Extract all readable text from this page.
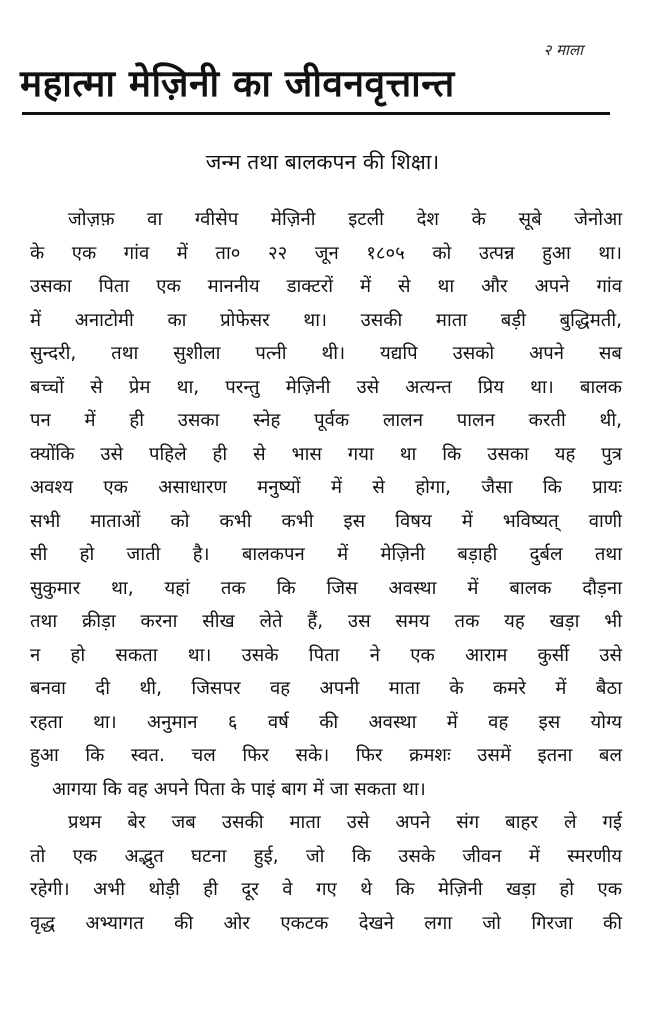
२ माला
महात्मा मेज़िनी का जीवनवृत्तान्त
जन्म तथा बालकपन की शिक्षा।
जोज़फ़ वा ग्वीसेप मेज़िनी इटली देश के सूबे जेनोआ
के एक गांव में ता० २२ जून १८०५ को उत्पन्न हुआ था।
उसका पिता एक माननीय डाक्टरों में से था और अपने गांव
में अनाटोमी का प्रोफेसर था। उसकी माता बड़ी बुद्धिमती,
सुन्दरी, तथा सुशीला पत्नी थी। यद्यपि उसको अपने सब
बच्चों से प्रेम था, परन्तु मेज़िनी उसे अत्यन्त प्रिय था। बालक
पन में ही उसका स्नेह पूर्वक लालन पालन करती थी,
क्योंकि उसे पहिले ही से भास गया था कि उसका यह पुत्र
अवश्य एक असाधारण मनुष्यों में से होगा, जैसा कि प्रायः
सभी माताओं को कभी कभी इस विषय में भविष्यत् वाणी
सी हो जाती है। बालकपन में मेज़िनी बड़ाही दुर्बल तथा
सुकुमार था, यहां तक कि जिस अवस्था में बालक दौड़ना
तथा क्रीड़ा करना सीख लेते हैं, उस समय तक यह खड़ा भी
न हो सकता था। उसके पिता ने एक आराम कुर्सी उसे
बनवा दी थी, जिसपर वह अपनी माता के कमरे में बैठा
रहता था। अनुमान ६ वर्ष की अवस्था में वह इस योग्य
हुआ कि स्वत. चल फिर सके। फिर क्रमशः उसमें इतना बल
आगया कि वह अपने पिता के पाइं बाग में जा सकता था।
प्रथम बेर जब उसकी माता उसे अपने संग बाहर ले गई
तो एक अद्भुत घटना हुई, जो कि उसके जीवन में स्मरणीय
रहेगी। अभी थोड़ी ही दूर वे गए थे कि मेज़िनी खड़ा हो एक
वृद्ध अभ्यागत की ओर एकटक देखने लगा जो गिरजा की
